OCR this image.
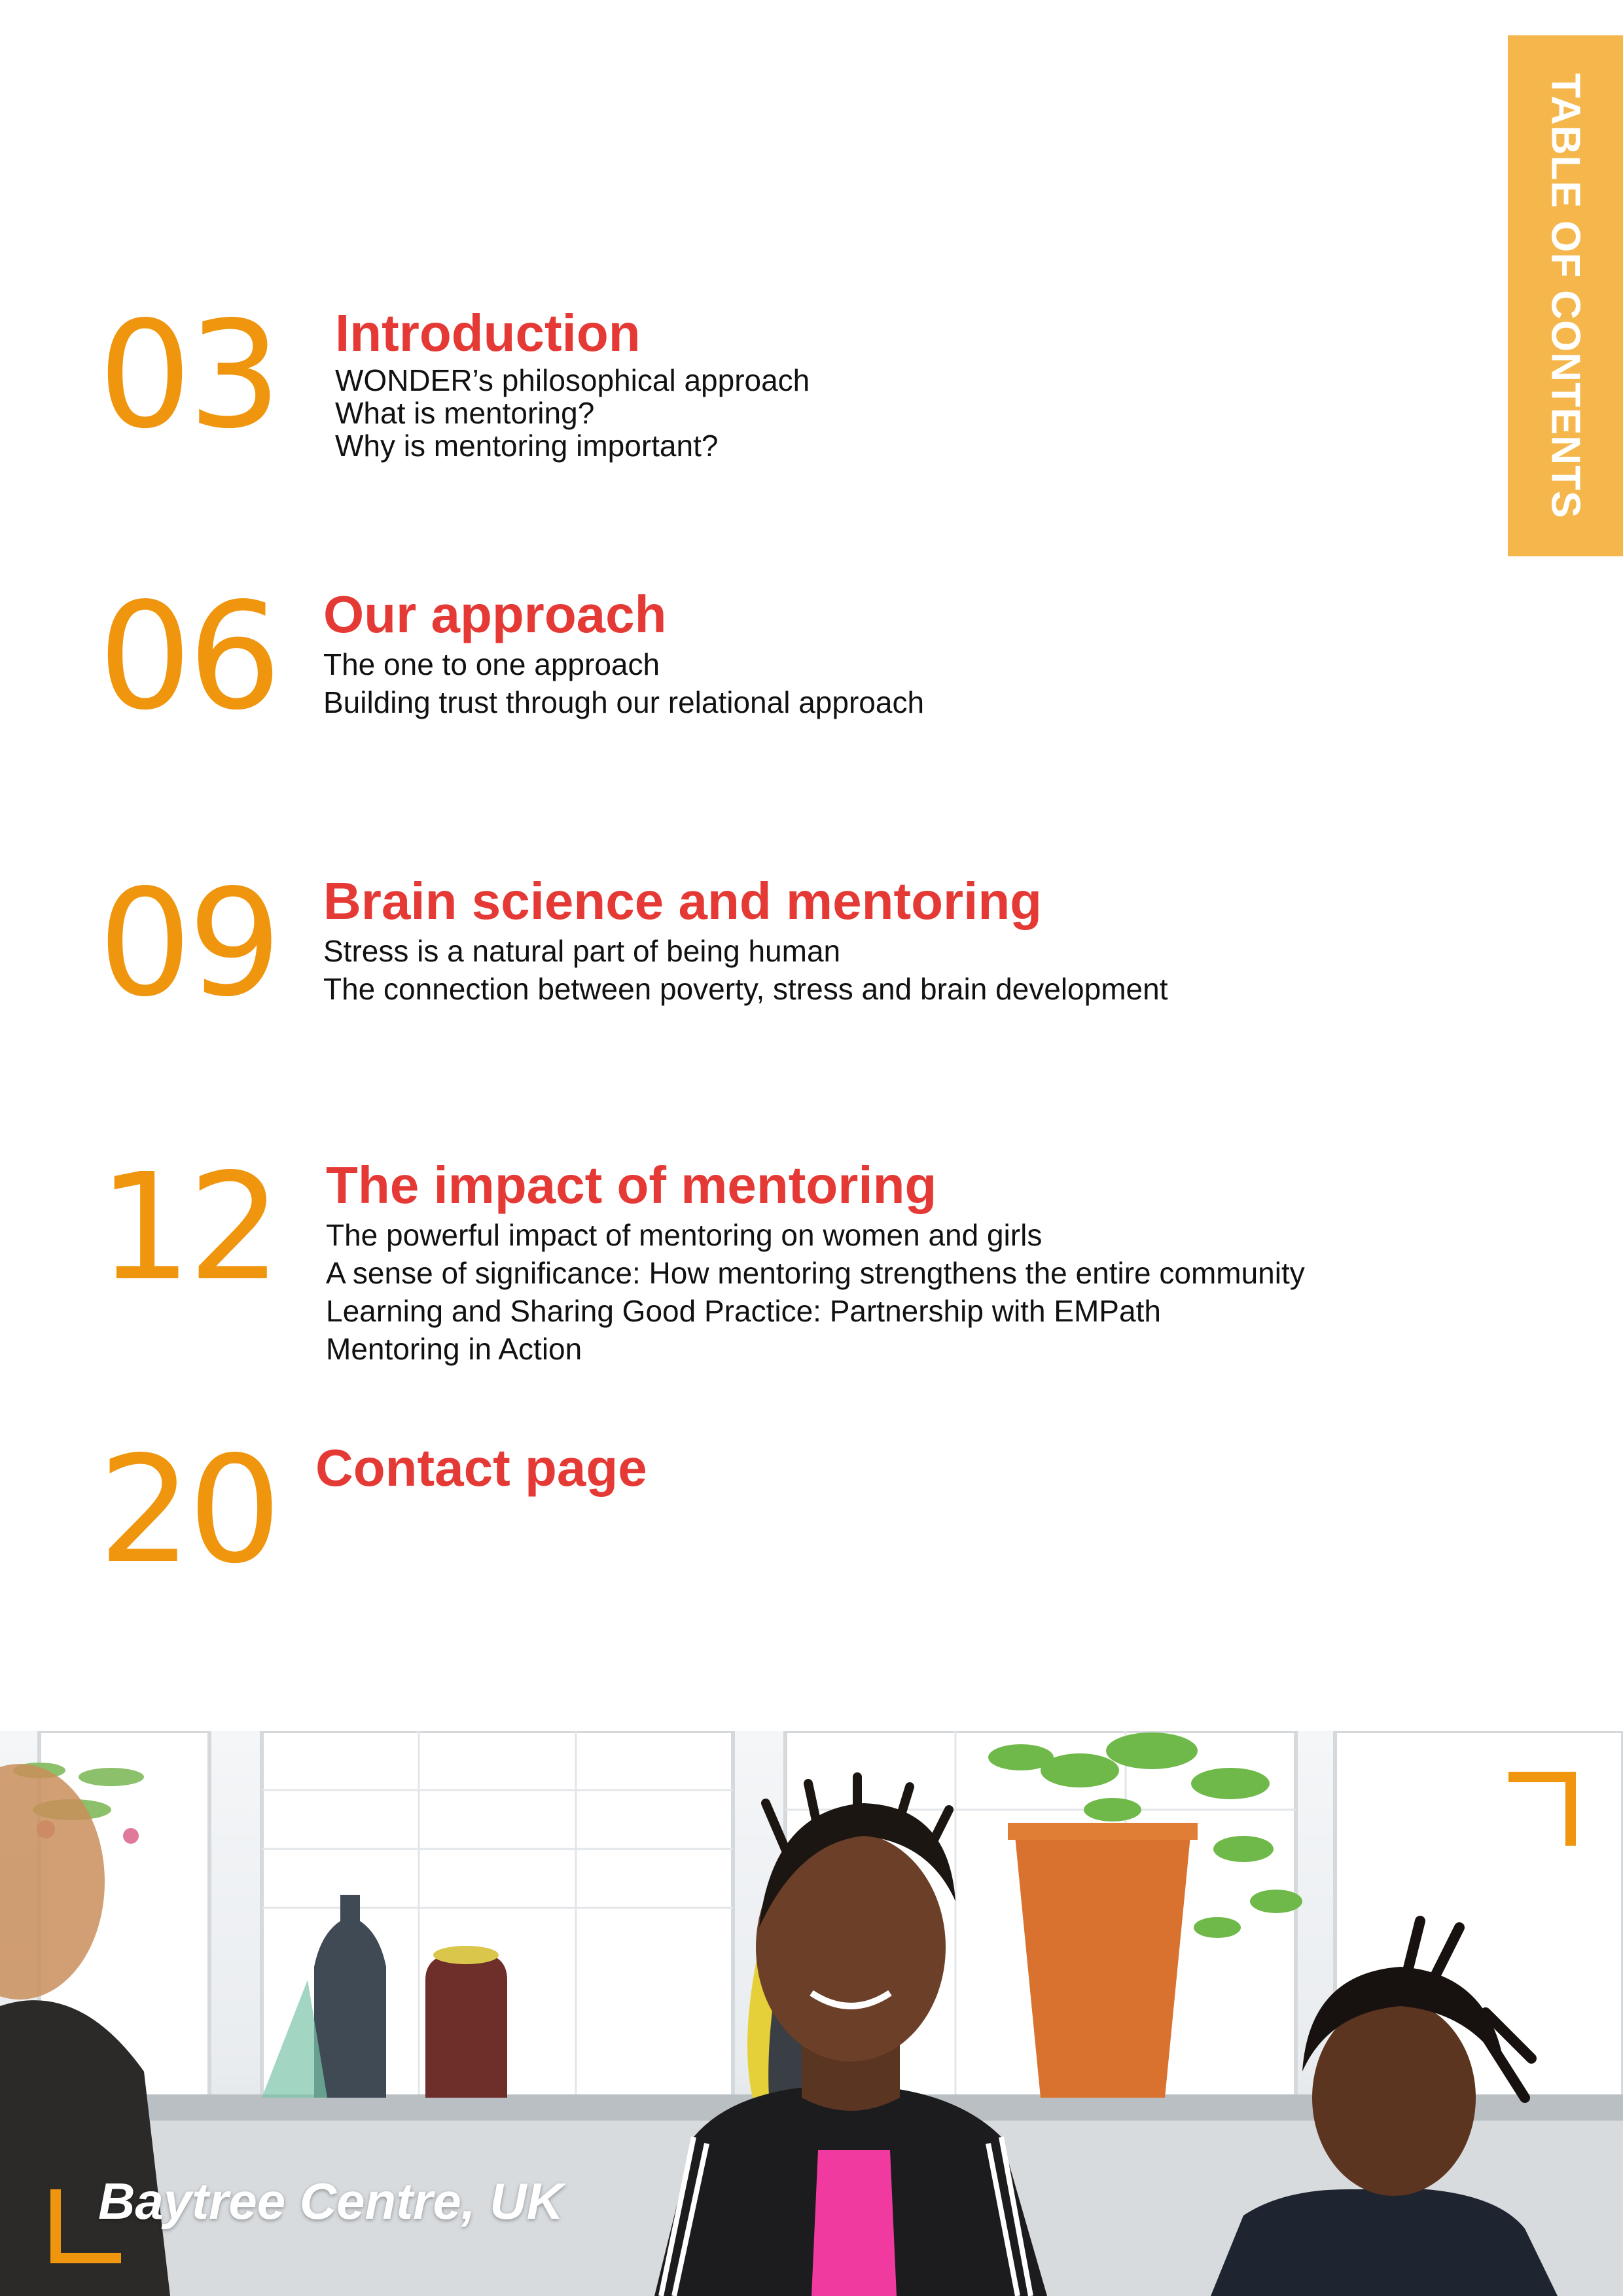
TABLE OF CONTENTS
03 Introduction
WONDER’s philosophical approach
What is mentoring?
Why is mentoring important?
06 Our approach
The one to one approach
Building trust through our relational approach
09 Brain science and mentoring
Stress is a natural part of being human
The connection between poverty, stress and brain development
12 The impact of mentoring
The powerful impact of mentoring on women and girls
A sense of significance: How mentoring strengthens the entire community
Learning and Sharing Good Practice: Partnership with EMPath
Mentoring in Action
20 Contact page
Baytree Centre, UK
